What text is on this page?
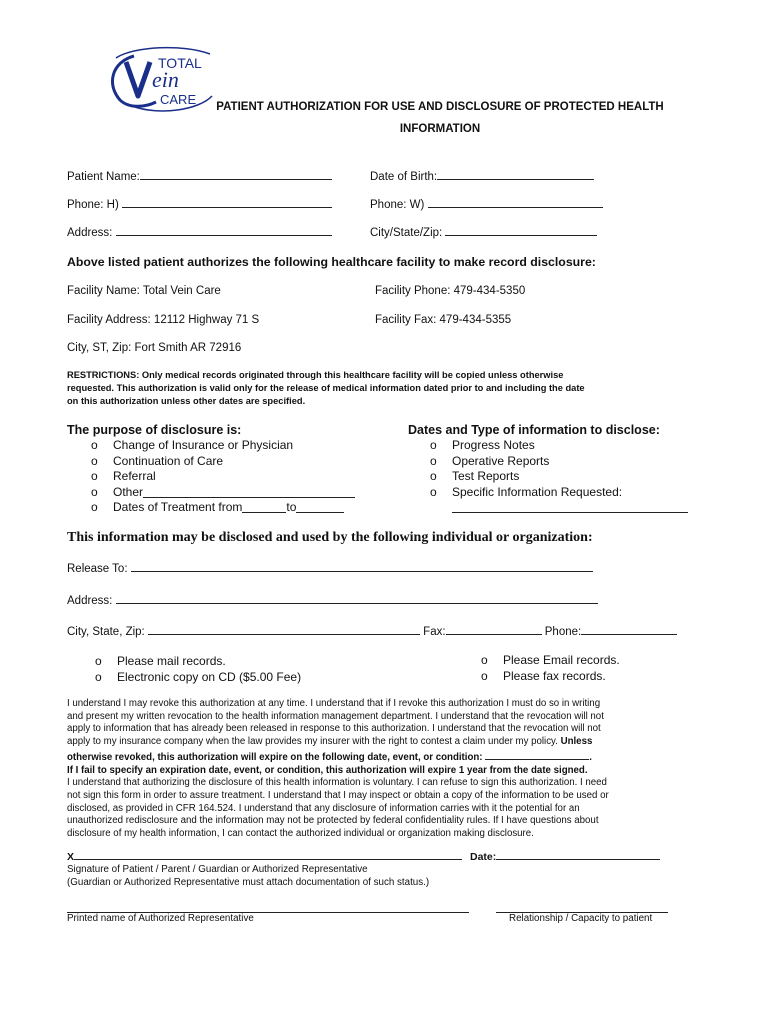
TOTAL
ein
CARE	PATIENT AUTHORIZATION FOR USE AND DISCLOSURE OF PROTECTED HEALTH
INFORMATION
Patient Name:	Date of Birth:
Phone: H)	Phone: W)
Address:	City/State/Zip:
Above listed patient authorizes the following healthcare facility to make record disclosure:
Facility Name: Total Vein Care	Facility Phone: 479-434-5350
Facility Address: 12112 Highway 71 S	Facility Fax: 479-434-5355
City, ST, Zip: Fort Smith AR 72916
RESTRICTIONS: Only medical records originated through this healthcare facility will be copied unless otherwise
requested. This authorization is valid only for the release of medical information dated prior to and including the date
on this authorization unless other dates are specified.
The purpose of disclosure is:
o	Change of Insurance or Physician
o	Continuation of Care
o	Referral
o	Other
o	Dates of Treatment from	to
Dates and Type of information to disclose:
o	Progress Notes
o	Operative Reports
o	Test Reports
o	Specific Information Requested:
This information may be disclosed and used by the following individual or organization:
Release To:
Address:
City, State, Zip:	Fax:	Phone:
o	Please mail records.
o	Electronic copy on CD ($5.00 Fee)
o	Please Email records.
o	Please fax records.
I understand I may revoke this authorization at any time. I understand that if I revoke this authorization I must do so in writing
and present my written revocation to the health information management department. I understand that the revocation will not
apply to information that has already been released in response to this authorization. I understand that the revocation will not
apply to my insurance company when the law provides my insurer with the right to contest a claim under my policy. Unless
otherwise revoked, this authorization will expire on the following date, event, or condition:	.
If I fail to specify an expiration date, event, or condition, this authorization will expire 1 year from the date signed.
I understand that authorizing the disclosure of this health information is voluntary. I can refuse to sign this authorization. I need
not sign this form in order to assure treatment. I understand that I may inspect or obtain a copy of the information to be used or
disclosed, as provided in CFR 164.524. I understand that any disclosure of information carries with it the potential for an
unauthorized redisclosure and the information may not be protected by federal confidentiality rules. If I have questions about
disclosure of my health information, I can contact the authorized individual or organization making disclosure.
X	Date:
Signature of Patient / Parent / Guardian or Authorized Representative
(Guardian or Authorized Representative must attach documentation of such status.)
Printed name of Authorized Representative	Relationship / Capacity to patient
